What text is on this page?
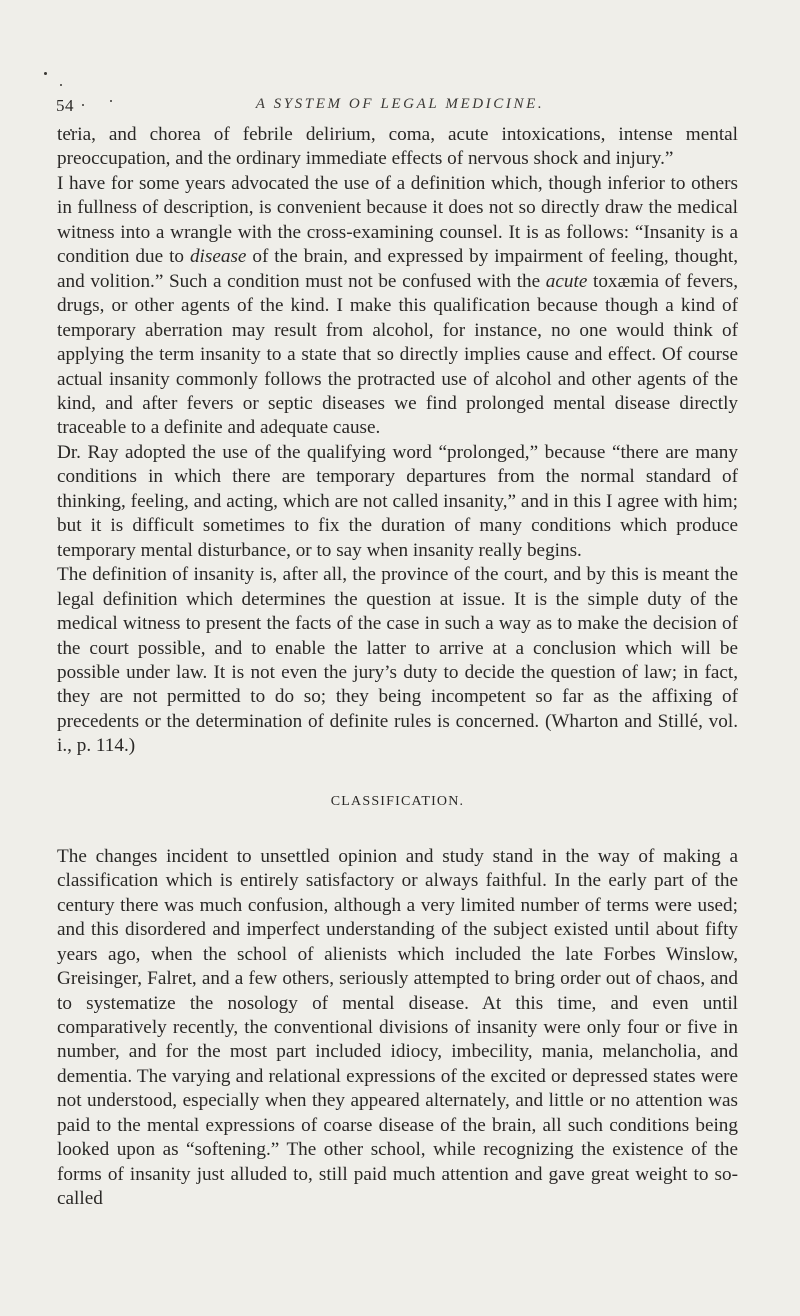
54	A SYSTEM OF LEGAL MEDICINE.

teria, and chorea of febrile delirium, coma, acute intoxications, intense mental preoccupation, and the ordinary immediate effects of nervous shock and injury.”

I have for some years advocated the use of a definition which, though inferior to others in fullness of description, is convenient because it does not so directly draw the medical witness into a wrangle with the cross-examining counsel. It is as follows: “Insanity is a condition due to disease of the brain, and expressed by impairment of feeling, thought, and volition.” Such a condition must not be confused with the acute toxæmia of fevers, drugs, or other agents of the kind. I make this qualification because though a kind of temporary aberration may result from alcohol, for instance, no one would think of applying the term insanity to a state that so directly implies cause and effect. Of course actual insanity commonly follows the protracted use of alcohol and other agents of the kind, and after fevers or septic diseases we find prolonged mental disease directly traceable to a definite and adequate cause.

Dr. Ray adopted the use of the qualifying word “prolonged,” because “there are many conditions in which there are temporary departures from the normal standard of thinking, feeling, and acting, which are not called insanity,” and in this I agree with him; but it is difficult sometimes to fix the duration of many conditions which produce temporary mental disturbance, or to say when insanity really begins.

The definition of insanity is, after all, the province of the court, and by this is meant the legal definition which determines the question at issue. It is the simple duty of the medical witness to present the facts of the case in such a way as to make the decision of the court possible, and to enable the latter to arrive at a conclusion which will be possible under law. It is not even the jury’s duty to decide the question of law; in fact, they are not permitted to do so; they being incompetent so far as the affixing of precedents or the determination of definite rules is concerned. (Wharton and Stillé, vol. i., p. 114.)

CLASSIFICATION.

The changes incident to unsettled opinion and study stand in the way of making a classification which is entirely satisfactory or always faithful. In the early part of the century there was much confusion, although a very limited number of terms were used; and this disordered and imperfect understanding of the subject existed until about fifty years ago, when the school of alienists which included the late Forbes Winslow, Greisinger, Falret, and a few others, seriously attempted to bring order out of chaos, and to systematize the nosology of mental disease. At this time, and even until comparatively recently, the conventional divisions of insanity were only four or five in number, and for the most part included idiocy, imbecility, mania, melancholia, and dementia. The varying and relational expressions of the excited or depressed states were not understood, especially when they appeared alternately, and little or no attention was paid to the mental expressions of coarse disease of the brain, all such conditions being looked upon as “softening.” The other school, while recognizing the existence of the forms of insanity just alluded to, still paid much attention and gave great weight to so-called
